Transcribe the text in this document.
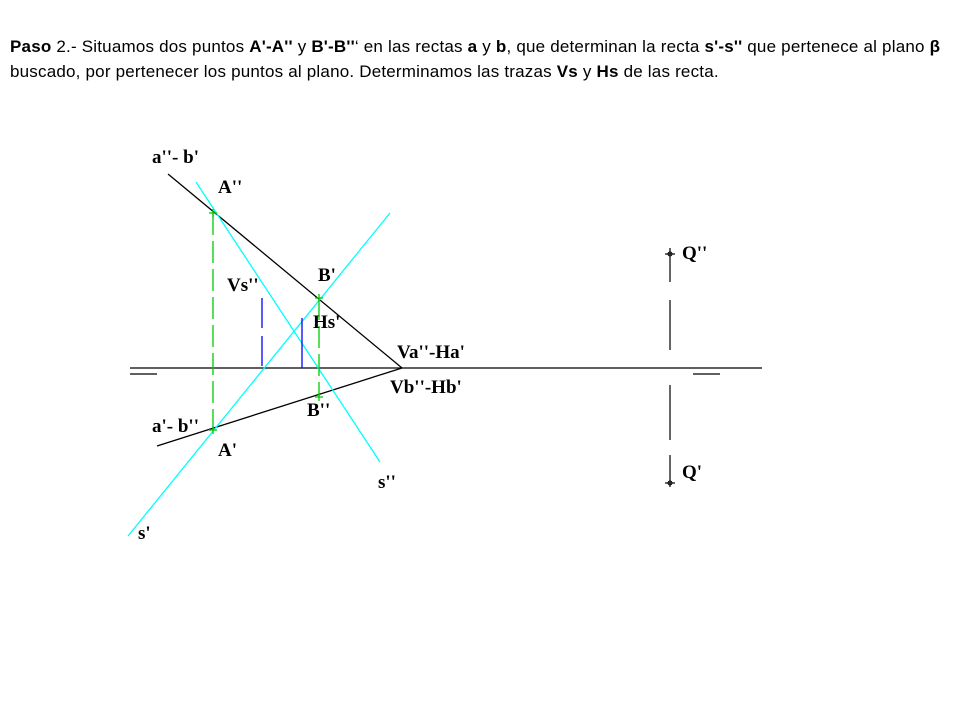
Paso 2.- Situamos dos puntos A'-A'' y B'-B''‘ en las rectas a y b, que determinan la recta s'-s'' que pertenece al plano β buscado, por pertenecer los puntos al plano. Determinamos las trazas Vs y Hs de las recta.
a''- b'
A''
B'
Vs''
Hs'
Va''-Ha'
Vb''-Hb'
B''
a'- b''
A'
s''
s'
Q''
Q'
